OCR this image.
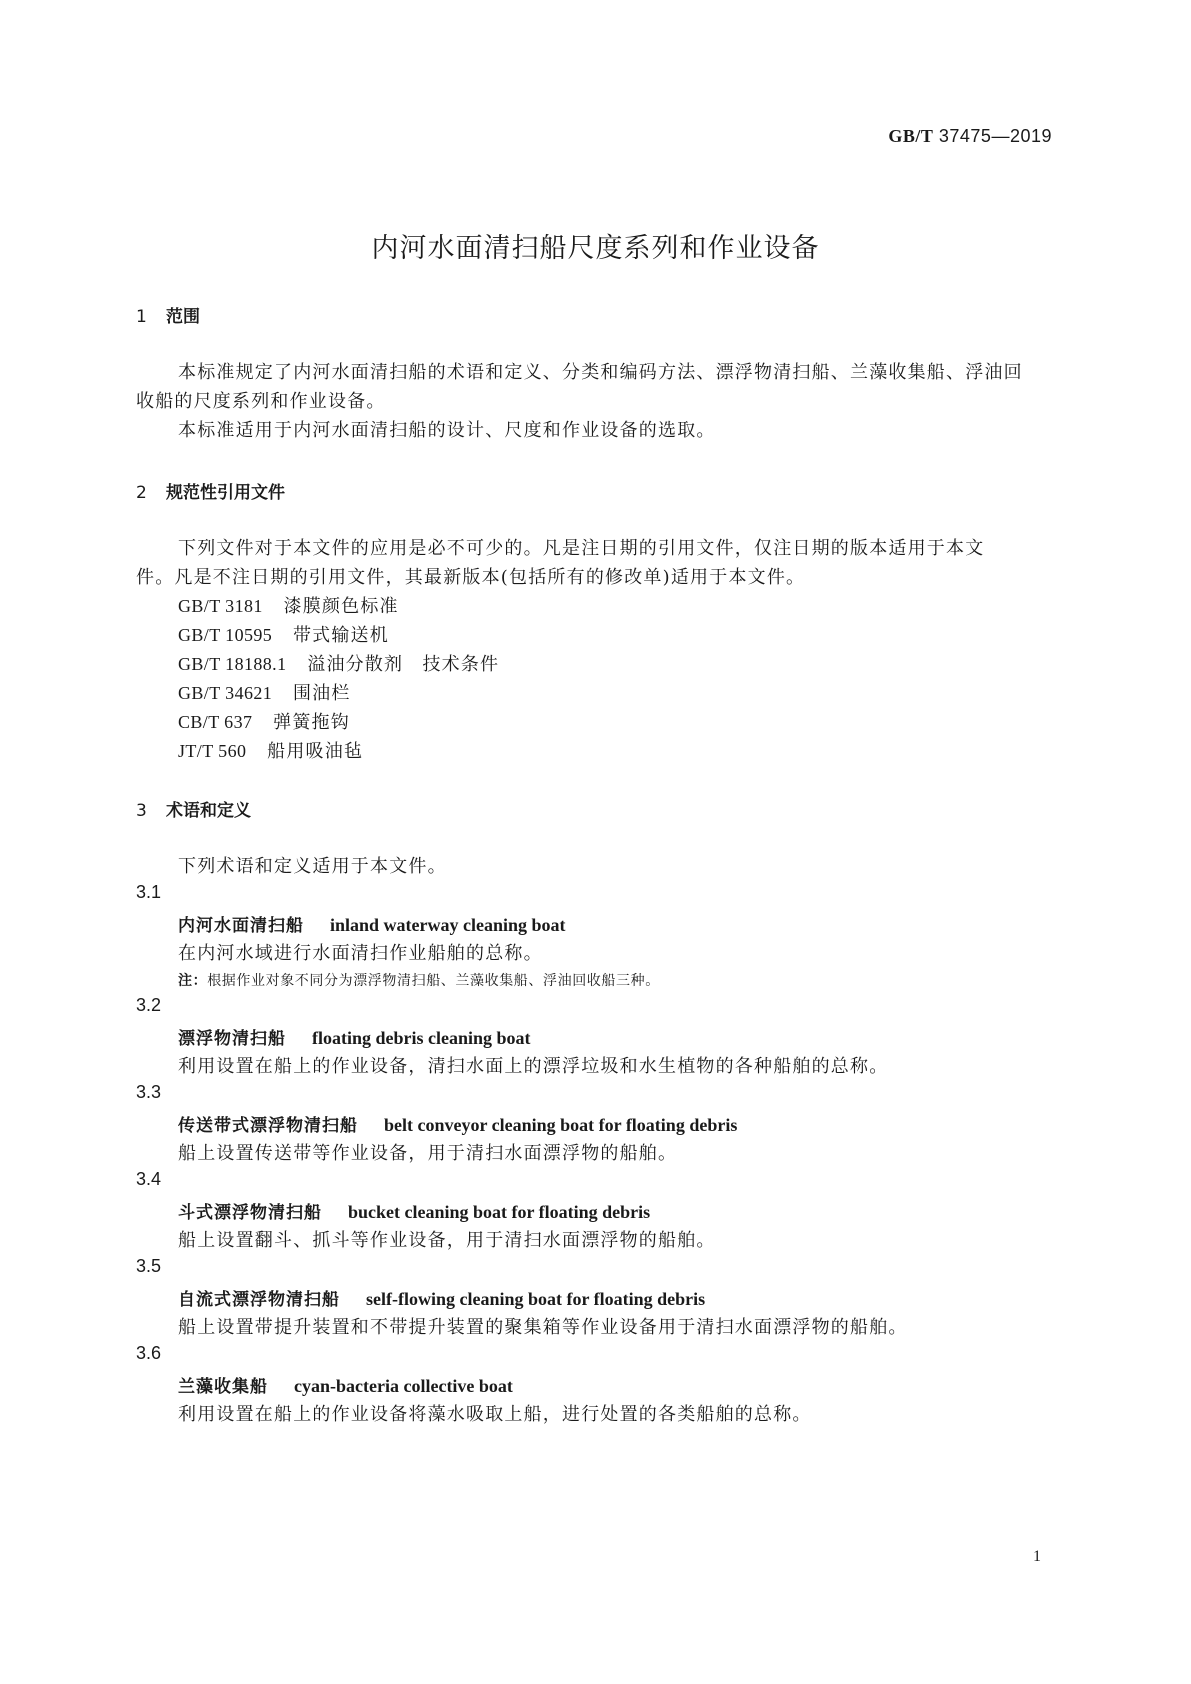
GB/T 37475—2019
内河水面清扫船尺度系列和作业设备
1 范围
本标准规定了内河水面清扫船的术语和定义、分类和编码方法、漂浮物清扫船、兰藻收集船、浮油回
收船的尺度系列和作业设备。
本标准适用于内河水面清扫船的设计、尺度和作业设备的选取。
2 规范性引用文件
下列文件对于本文件的应用是必不可少的。凡是注日期的引用文件，仅注日期的版本适用于本文
件。凡是不注日期的引用文件，其最新版本(包括所有的修改单)适用于本文件。
GB/T 3181 漆膜颜色标准
GB/T 10595 带式输送机
GB/T 18188.1 溢油分散剂　技术条件
GB/T 34621 围油栏
CB/T 637 弹簧拖钩
JT/T 560 船用吸油毡
3 术语和定义
下列术语和定义适用于本文件。
3.1
内河水面清扫船 inland waterway cleaning boat
在内河水域进行水面清扫作业船舶的总称。
注：根据作业对象不同分为漂浮物清扫船、兰藻收集船、浮油回收船三种。
3.2
漂浮物清扫船 floating debris cleaning boat
利用设置在船上的作业设备，清扫水面上的漂浮垃圾和水生植物的各种船舶的总称。
3.3
传送带式漂浮物清扫船 belt conveyor cleaning boat for floating debris
船上设置传送带等作业设备，用于清扫水面漂浮物的船舶。
3.4
斗式漂浮物清扫船 bucket cleaning boat for floating debris
船上设置翻斗、抓斗等作业设备，用于清扫水面漂浮物的船舶。
3.5
自流式漂浮物清扫船 self-flowing cleaning boat for floating debris
船上设置带提升装置和不带提升装置的聚集箱等作业设备用于清扫水面漂浮物的船舶。
3.6
兰藻收集船 cyan-bacteria collective boat
利用设置在船上的作业设备将藻水吸取上船，进行处置的各类船舶的总称。
1
